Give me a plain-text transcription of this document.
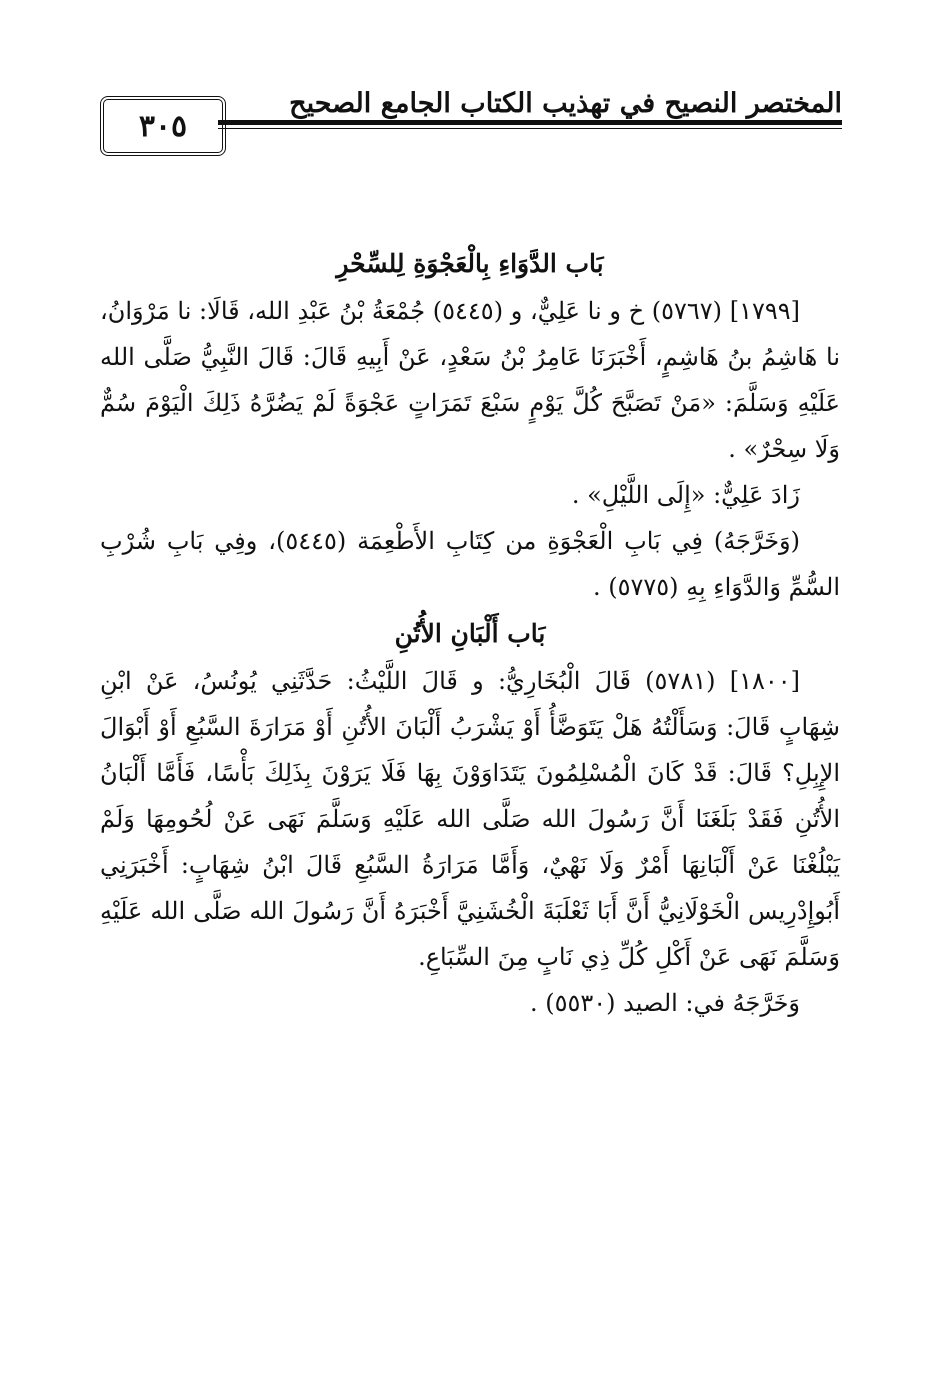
٣٠٥
المختصر النصيح في تهذيب الكتاب الجامع الصحيح
بَاب الدَّوَاءِ بِالْعَجْوَةِ لِلسِّحْرِ

[١٧٩٩] (٥٧٦٧) خ و نا عَلِيٌّ، و (٥٤٤٥) جُمْعَةُ بْنُ عَبْدِ الله، قَالَا: نا مَرْوَانُ، نا هَاشِمُ بنُ هَاشِمٍ، أَخْبَرَنَا عَامِرُ بْنُ سَعْدٍ، عَنْ أَبِيهِ قَالَ: قَالَ النَّبِيُّ صَلَّى الله عَلَيْهِ وَسَلَّمَ: «مَنْ تَصَبَّحَ كُلَّ يَوْمٍ سَبْعَ تَمَرَاتٍ عَجْوَةً لَمْ يَضُرَّهُ ذَلِكَ الْيَوْمَ سُمٌّ وَلَا سِحْرٌ» .

زَادَ عَلِيٌّ: «إِلَى اللَّيْلِ» .

(وَخَرَّجَهُ) فِي بَابِ الْعَجْوَةِ من كِتَابِ الأَطْعِمَة (٥٤٤٥)، وفِي بَابِ شُرْبِ السُّمِّ وَالدَّوَاءِ بِهِ (٥٧٧٥) .

بَاب أَلْبَانِ الأُتُنِ

[١٨٠٠] (٥٧٨١) قَالَ الْبُخَارِيُّ: و قَالَ اللَّيْثُ: حَدَّثَنِي يُونُسُ، عَنْ ابْنِ شِهَابٍ قَالَ: وَسَأَلْتُهُ هَلْ يَتَوَضَّأُ أَوْ يَشْرَبُ أَلْبَانَ الأُتُنِ أَوْ مَرَارَةَ السَّبُعِ أَوْ أَبْوَالَ الإِبِلِ؟ قَالَ: قَدْ كَانَ الْمُسْلِمُونَ يَتَدَاوَوْنَ بِهَا فَلَا يَرَوْنَ بِذَلِكَ بَأْسًا، فَأَمَّا أَلْبَانُ الأُتُنِ فَقَدْ بَلَغَنَا أَنَّ رَسُولَ الله صَلَّى الله عَلَيْهِ وَسَلَّمَ نَهَى عَنْ لُحُومِهَا وَلَمْ يَبْلُغْنَا عَنْ أَلْبَانِهَا أَمْرٌ وَلَا نَهْيٌ، وَأَمَّا مَرَارَةُ السَّبُعِ قَالَ ابْنُ شِهَابٍ: أَخْبَرَنِي أَبُوإِدْرِيس الْخَوْلَانِيُّ أَنَّ أَبَا ثَعْلَبَةَ الْخُشَنِيَّ أَخْبَرَهُ أَنَّ رَسُولَ الله صَلَّى الله عَلَيْهِ وَسَلَّمَ نَهَى عَنْ أَكْلِ كُلِّ ذِي نَابٍ مِنَ السِّبَاعِ.

وَخَرَّجَهُ في: الصيد (٥٥٣٠) .
